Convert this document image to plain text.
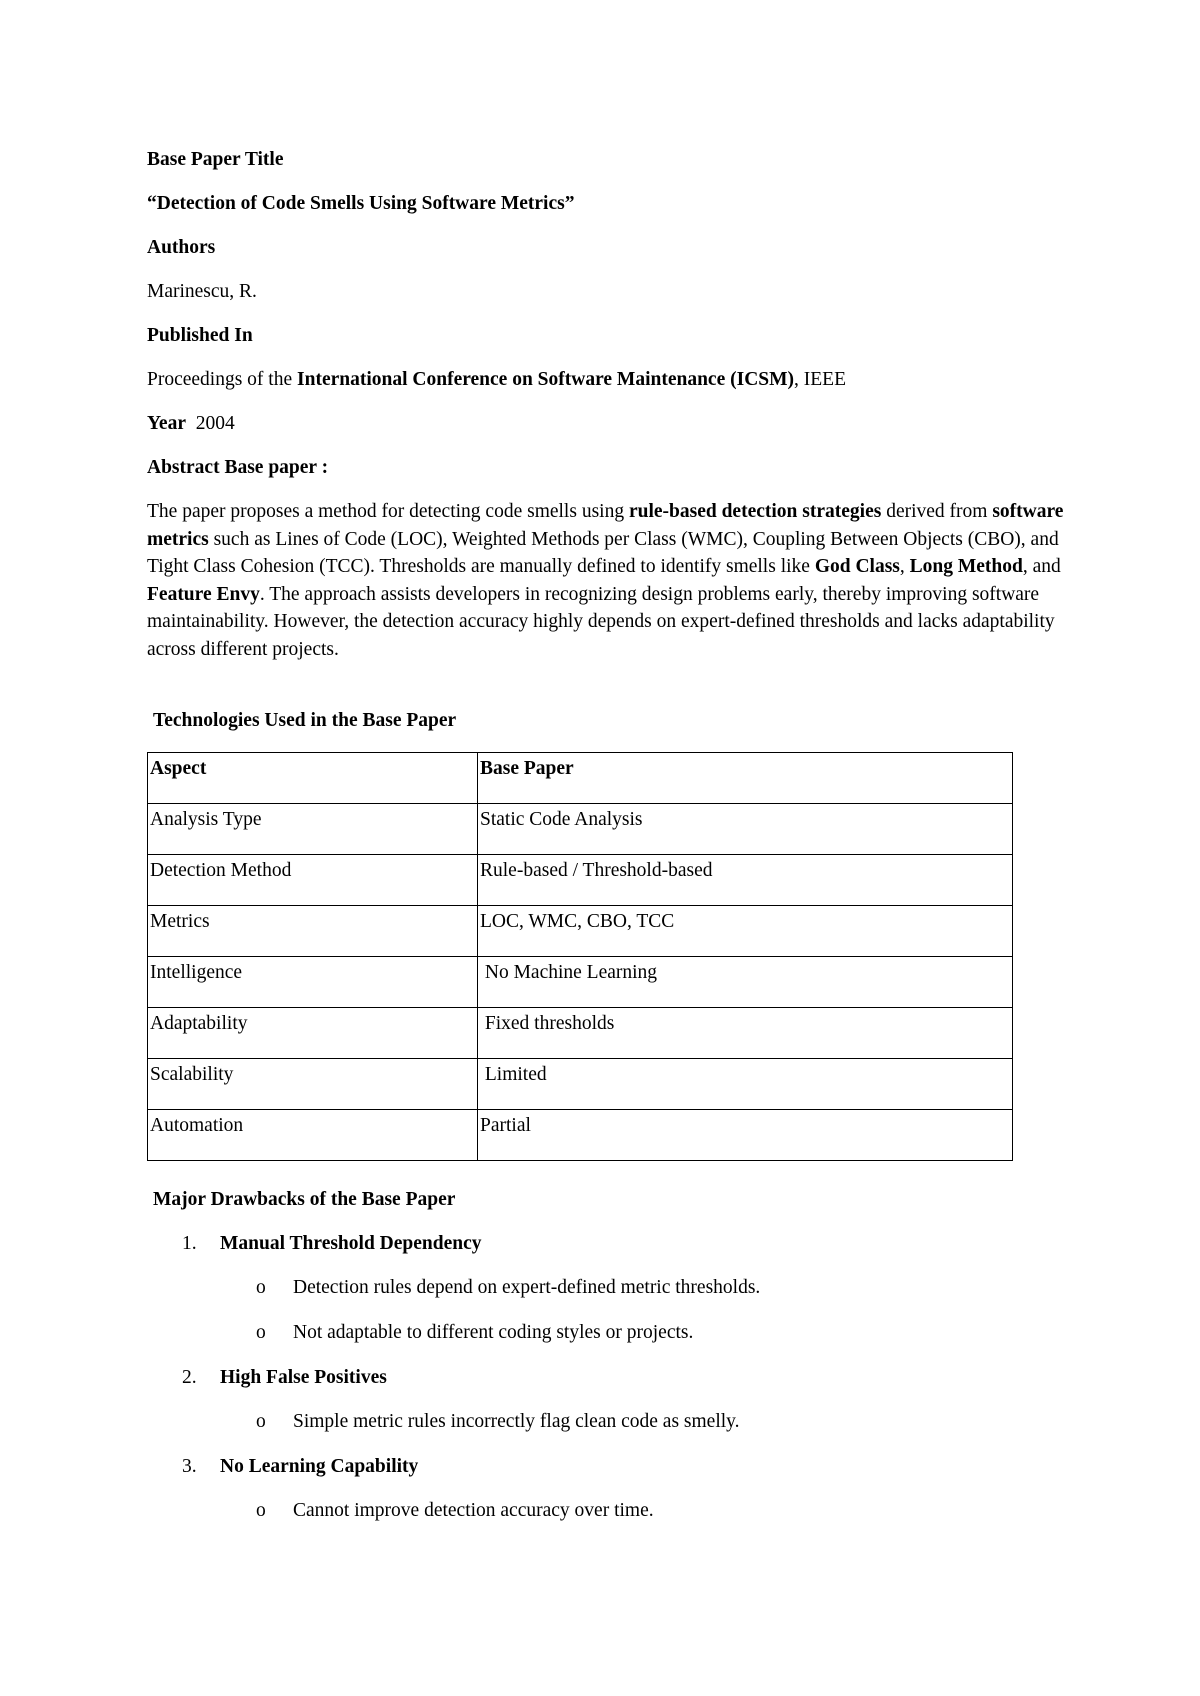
Base Paper Title
“Detection of Code Smells Using Software Metrics”
Authors
Marinescu, R.
Published In
Proceedings of the International Conference on Software Maintenance (ICSM), IEEE
Year 2004
Abstract Base paper :
The paper proposes a method for detecting code smells using rule-based detection strategies derived from software metrics such as Lines of Code (LOC), Weighted Methods per Class (WMC), Coupling Between Objects (CBO), and Tight Class Cohesion (TCC). Thresholds are manually defined to identify smells like God Class, Long Method, and Feature Envy. The approach assists developers in recognizing design problems early, thereby improving software maintainability. However, the detection accuracy highly depends on expert-defined thresholds and lacks adaptability across different projects.
Technologies Used in the Base Paper
Aspect	Base Paper
Analysis Type	Static Code Analysis
Detection Method	Rule-based / Threshold-based
Metrics	LOC, WMC, CBO, TCC
Intelligence	No Machine Learning
Adaptability	Fixed thresholds
Scalability	Limited
Automation	Partial
Major Drawbacks of the Base Paper
1. Manual Threshold Dependency
o Detection rules depend on expert-defined metric thresholds.
o Not adaptable to different coding styles or projects.
2. High False Positives
o Simple metric rules incorrectly flag clean code as smelly.
3. No Learning Capability
o Cannot improve detection accuracy over time.
